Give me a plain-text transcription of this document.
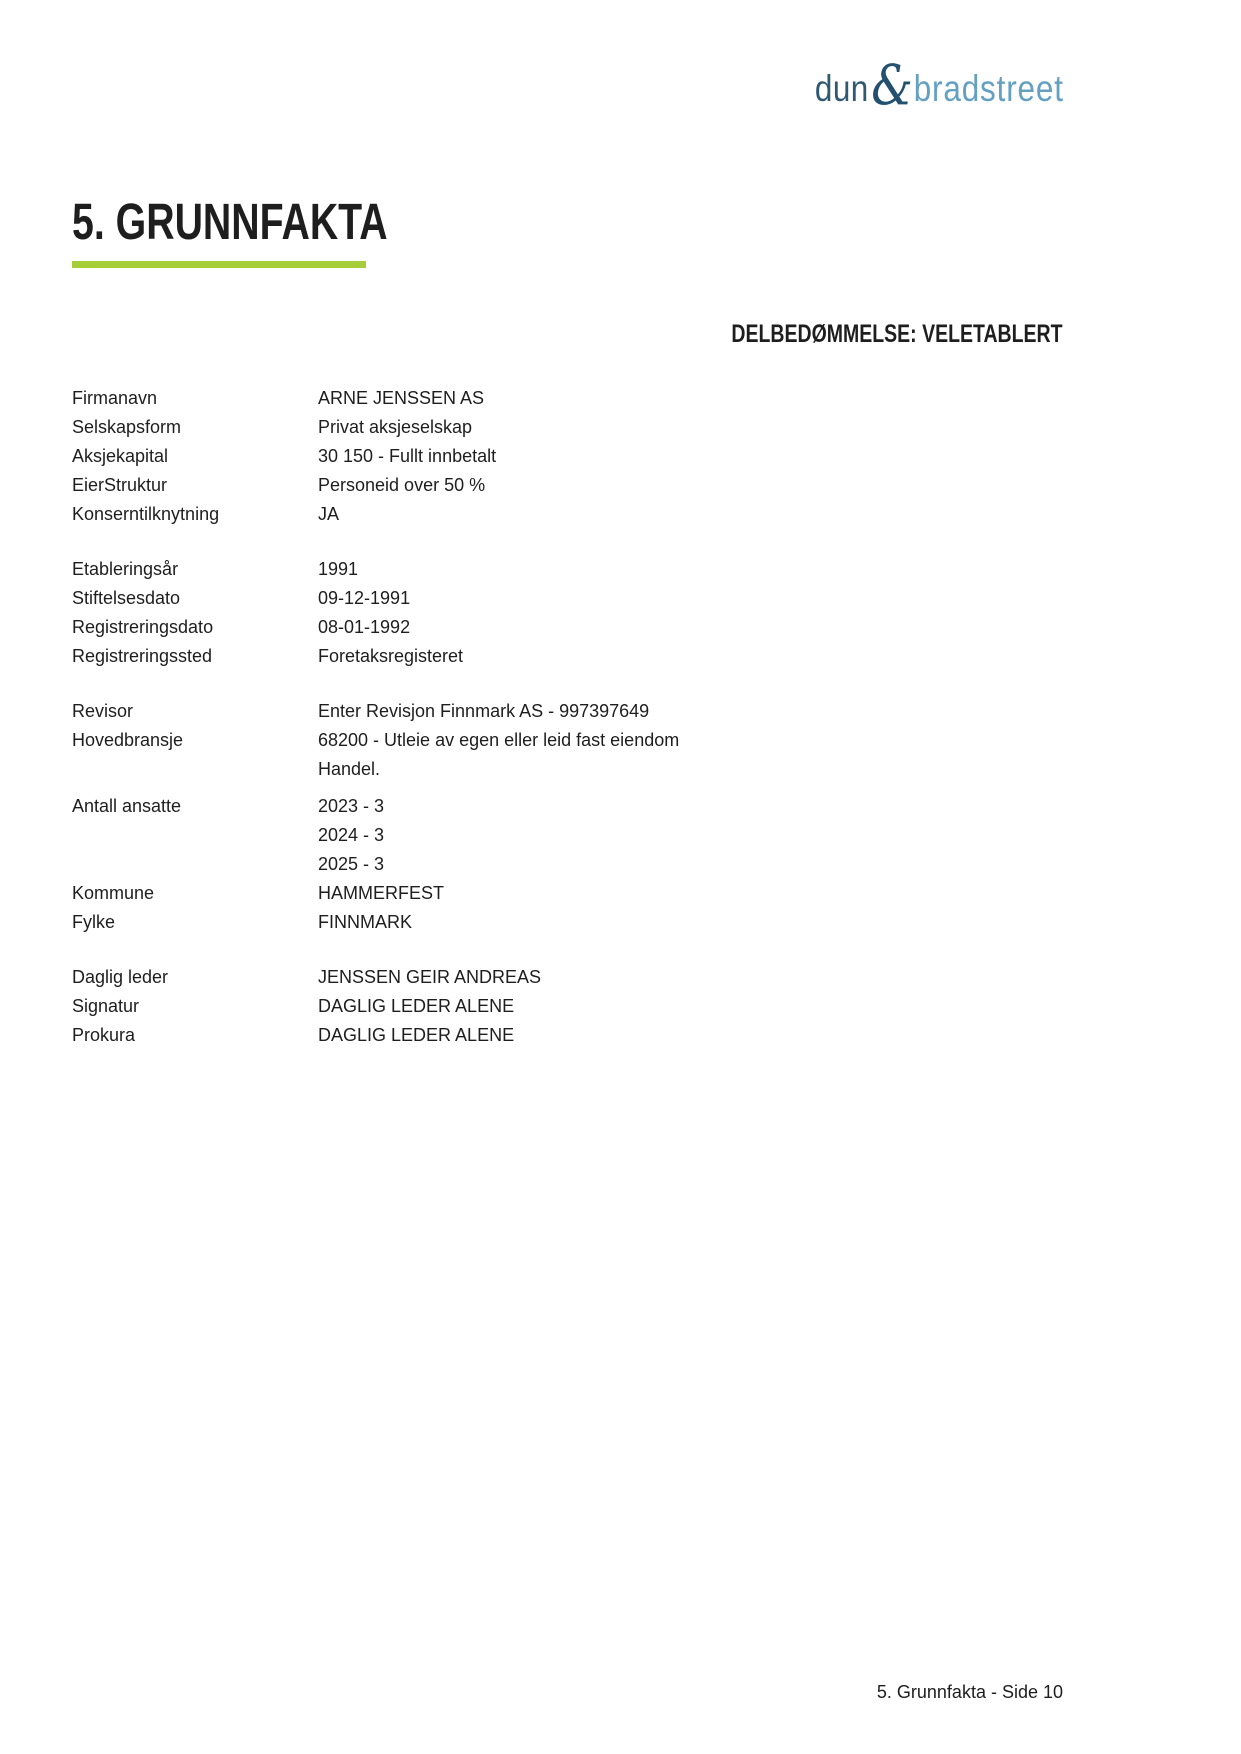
dun & bradstreet
5. GRUNNFAKTA
DELBEDØMMELSE: VELETABLERT
Firmanavn	ARNE JENSSEN AS
Selskapsform	Privat aksjeselskap
Aksjekapital	30 150 - Fullt innbetalt
EierStruktur	Personeid over 50 %
Konserntilknytning	JA
Etableringsår	1991
Stiftelsesdato	09-12-1991
Registreringsdato	08-01-1992
Registreringssted	Foretaksregisteret
Revisor	Enter Revisjon Finnmark AS - 997397649
Hovedbransje	68200 - Utleie av egen eller leid fast eiendom
Handel.
Antall ansatte	2023 - 3
2024 - 3
2025 - 3
Kommune	HAMMERFEST
Fylke	FINNMARK
Daglig leder	JENSSEN GEIR ANDREAS
Signatur	DAGLIG LEDER ALENE
Prokura	DAGLIG LEDER ALENE
5. Grunnfakta - Side 10
